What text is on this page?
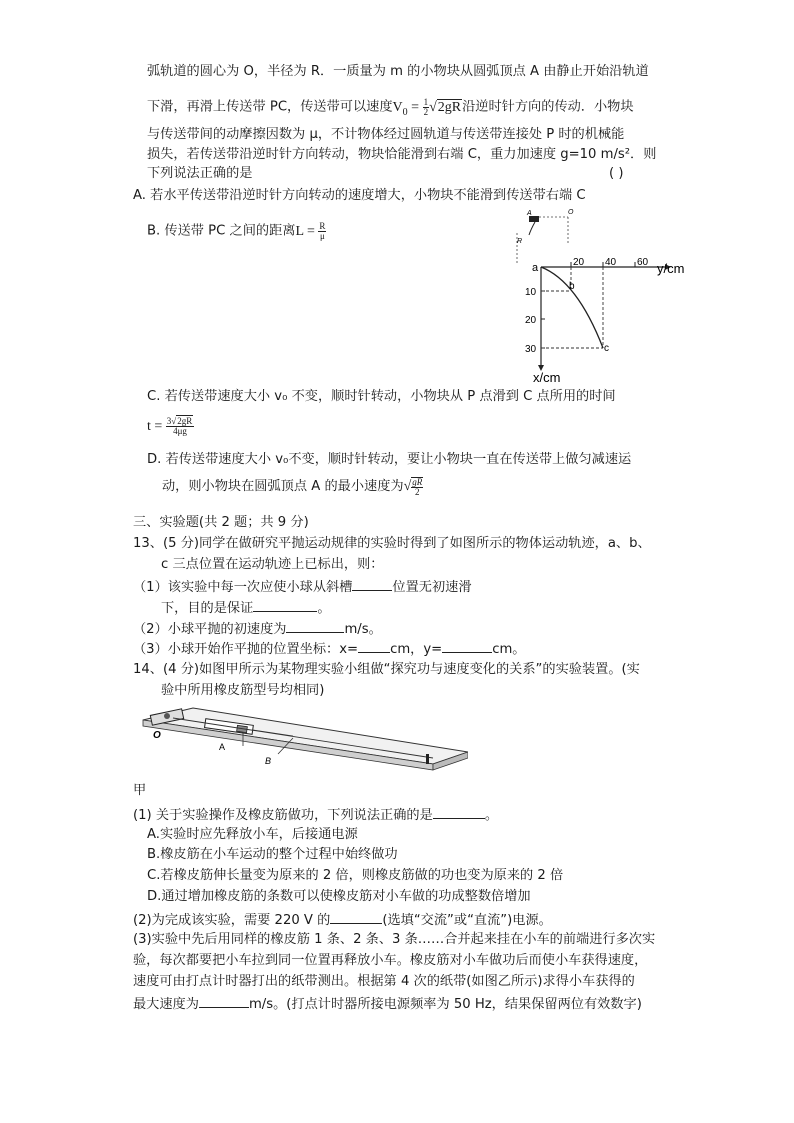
弧轨道的圆心为 O，半径为 R．一质量为 m 的小物块从圆弧顶点 A 由静止开始沿轨道
下滑，再滑上传送带 PC，传送带可以速度$V_0 = \frac{1}{2} √2gR$沿逆时针方向的传动．小物块
与传送带间的动摩擦因数为 μ，不计物体经过圆轨道与传送带连接处 P 时的机械能
损失，若传送带沿逆时针方向转动，物块恰能滑到右端 C，重力加速度 g=10 m/s²．则
下列说法正确的是	( )
A. 若水平传送带沿逆时针方向转动的速度增大，小物块不能滑到传送带右端 C
B. 传送带 PC 之间的距离$L = \frac{R}{\mu}$
C. 若传送带速度大小 v₀ 不变，顺时针转动，小物块从 P 点滑到 C 点所用的时间
$t = \frac{3√2gR}{4\mu g}$
D. 若传送带速度大小 v₀不变，顺时针转动，要让小物块一直在传送带上做匀减速运
动，则小物块在圆弧顶点 A 的最小速度为√ $\frac{gR}{2}$
三、实验题(共 2 题；共 9 分)
13、(5 分)同学在做研究平抛运动规律的实验时得到了如图所示的物体运动轨迹，a、b、
c 三点位置在运动轨迹上已标出，则：
（1）该实验中每一次应使小球从斜槽	位置无初速滑
下，目的是保证	。
（2）小球平抛的初速度为	m/s。
（3）小球开始作平抛的位置坐标：x= cm，y=	cm。
14、(4 分)如图甲所示为某物理实验小组做“探究功与速度变化的关系”的实验装置。(实
验中所用橡皮筋型号均相同)
甲
(1) 关于实验操作及橡皮筋做功，下列说法正确的是	。
A.实验时应先释放小车，后接通电源
B.橡皮筋在小车运动的整个过程中始终做功
C.若橡皮筋伸长量变为原来的 2 倍，则橡皮筋做的功也变为原来的 2 倍
D.通过增加橡皮筋的条数可以使橡皮筋对小车做的功成整数倍增加
(2)为完成该实验，需要 220 V 的	(选填“交流”或“直流”)电源。
(3)实验中先后用同样的橡皮筋 1 条、2 条、3 条……合并起来挂在小车的前端进行多次实
验，每次都要把小车拉到同一位置再释放小车。橡皮筋对小车做功后而使小车获得速度，
速度可由打点计时器打出的纸带测出。根据第 4 次的纸带(如图乙所示)求得小车获得的
最大速度为	m/s。(打点计时器所接电源频率为 50 Hz，结果保留两位有效数字)
A	O
R
20 40 60
10
20
30
a
b
c
y/cm
x/cm
O
A
B
